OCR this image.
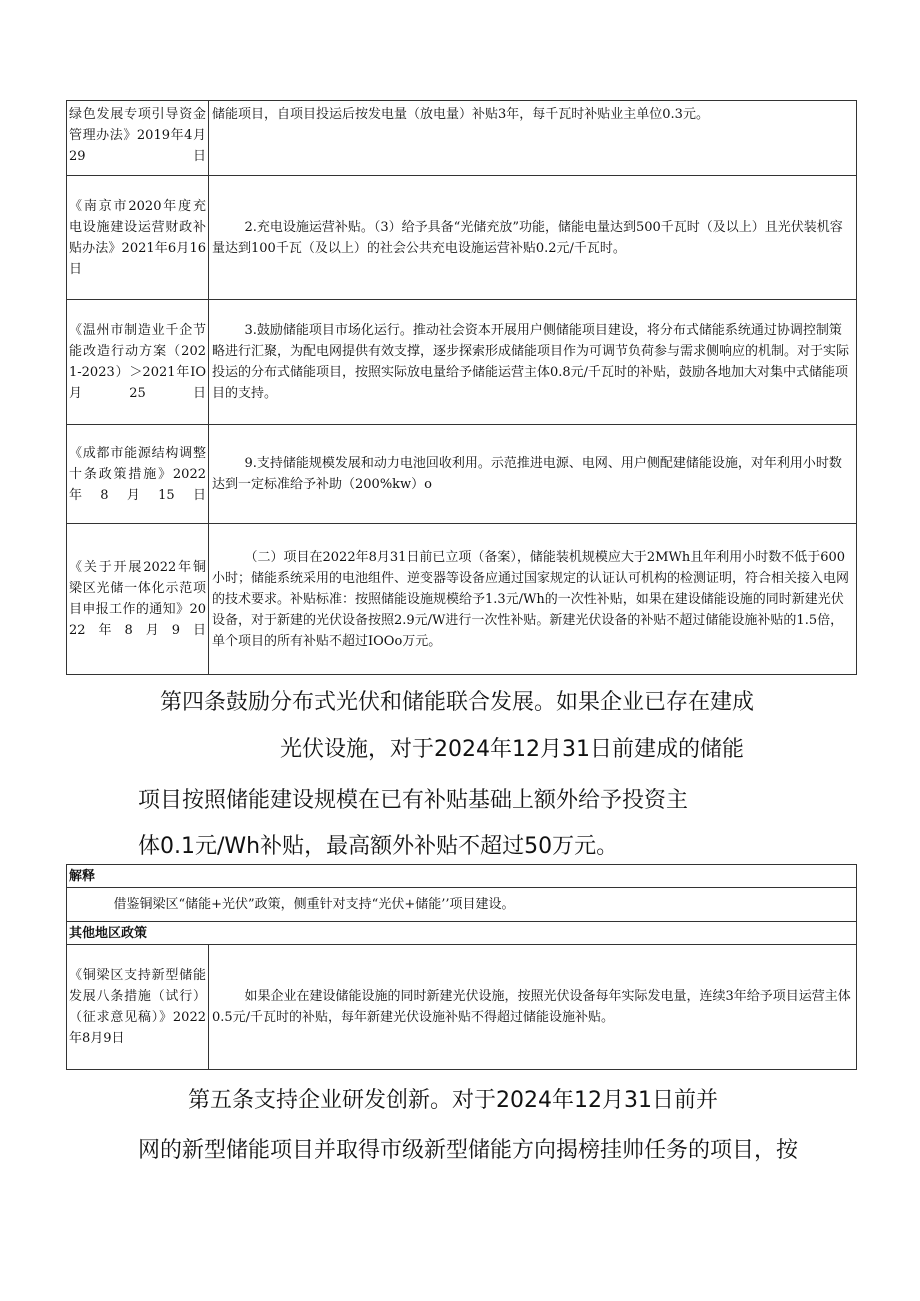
绿色发展专项引导资金管理办法》2019年4月29日	储能项目，自项目投运后按发电量（放电量）补贴3年，每千瓦时补贴业主单位0.3元。
《南京市2020年度充电设施建设运营财政补贴办法》2021年6月16日	2.充电设施运营补贴。（3）给予具备“光储充放”功能，储能电量达到500千瓦时（及以上）且光伏装机容量达到100千瓦（及以上）的社会公共充电设施运营补贴0.2元/千瓦时。
《温州市制造业千企节能改造行动方案（2021-2023）＞2021年IO月25日	3.鼓励储能项目市场化运行。推动社会资本开展用户侧储能项目建设，将分布式储能系统通过协调控制策略进行汇聚，为配电网提供有效支撑，逐步探索形成储能项目作为可调节负荷参与需求侧响应的机制。对于实际投运的分布式储能项目，按照实际放电量给予储能运营主体0.8元/千瓦时的补贴，鼓励各地加大对集中式储能项目的支持。
《成都市能源结构调整十条政策措施》2022年8月15日	9.支持储能规模发展和动力电池回收利用。示范推进电源、电网、用户侧配建储能设施，对年利用小时数达到一定标准给予补助（200%kw）o
《关于开展2022年铜梁区光储一体化示范项目申报工作的通知》2022年8月9日	（二）项目在2022年8月31日前已立项（备案），储能装机规模应大于2MWh且年利用小时数不低于600小时；储能系统采用的电池组件、逆变器等设备应通过国家规定的认证认可机构的检测证明，符合相关接入电网的技术要求。补贴标准：按照储能设施规模给予1.3元/Wh的一次性补贴，如果在建设储能设施的同时新建光伏设备，对于新建的光伏设备按照2.9元/W进行一次性补贴。新建光伏设备的补贴不超过储能设施补贴的1.5倍，单个项目的所有补贴不超过IOOo万元。
第四条鼓励分布式光伏和储能联合发展。如果企业已存在建成
光伏设施，对于2024年12月31日前建成的储能
项目按照储能建设规模在已有补贴基础上额外给予投资主
体0.1元/Wh补贴，最高额外补贴不超过50万元。
解释
借鉴铜梁区“储能+光伏”政策，侧重针对支持“光伏+储能’’项目建设。
其他地区政策
《铜梁区支持新型储能发展八条措施（试行）（征求意见稿）》2022年8月9日	如果企业在建设储能设施的同时新建光伏设施，按照光伏设备每年实际发电量，连续3年给予项目运营主体0.5元/千瓦时的补贴，每年新建光伏设施补贴不得超过储能设施补贴。
第五条支持企业研发创新。对于2024年12月31日前并
网的新型储能项目并取得市级新型储能方向揭榜挂帅任务的项目，按
